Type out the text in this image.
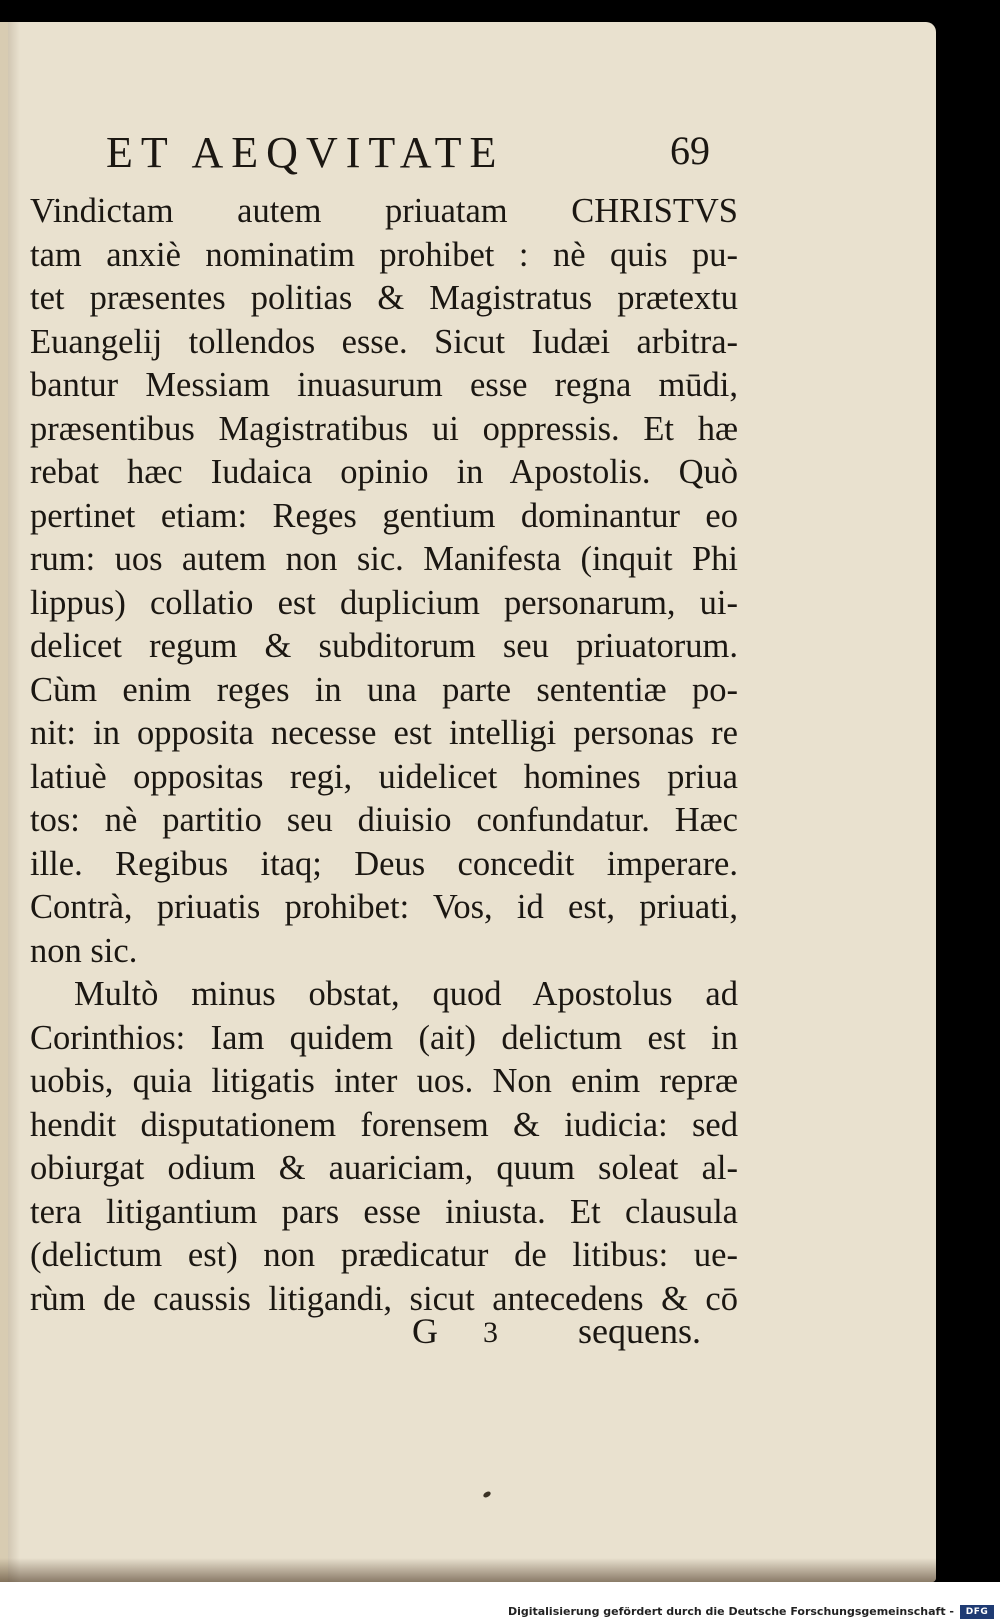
ET AEQVITATE	69
Vindictam autem priuatam CHRISTVS
tam anxiè nominatim prohibet : nè quis pu-
tet præsentes politias & Magistratus prætextu
Euangelij tollendos esse. Sicut Iudæi arbitra-
bantur Messiam inuasurum esse regna mūdi,
præsentibus Magistratibus ui oppressis. Et hæ
rebat hæc Iudaica opinio in Apostolis. Quò
pertinet etiam: Reges gentium dominantur eo
rum: uos autem non sic. Manifesta (inquit Phi
lippus) collatio est duplicium personarum, ui-
delicet regum & subditorum seu priuatorum.
Cùm enim reges in una parte sententiæ po-
nit: in opposita necesse est intelligi personas re
latiuè oppositas regi, uidelicet homines priua
tos: nè partitio seu diuisio confundatur. Hæc
ille. Regibus itaq; Deus concedit imperare.
Contrà, priuatis prohibet: Vos, id est, priuati,
non sic.
Multò minus obstat, quod Apostolus ad
Corinthios: Iam quidem (ait) delictum est in
uobis, quia litigatis inter uos. Non enim repræ
hendit disputationem forensem & iudicia: sed
obiurgat odium & auariciam, quum soleat al-
tera litigantium pars esse iniusta. Et clausula
(delictum est) non prædicatur de litibus: ue-
rùm de caussis litigandi, sicut antecedens & cō
G 3 sequens.
Digitalisierung gefördert durch die Deutsche Forschungsgemeinschaft -	DFG
